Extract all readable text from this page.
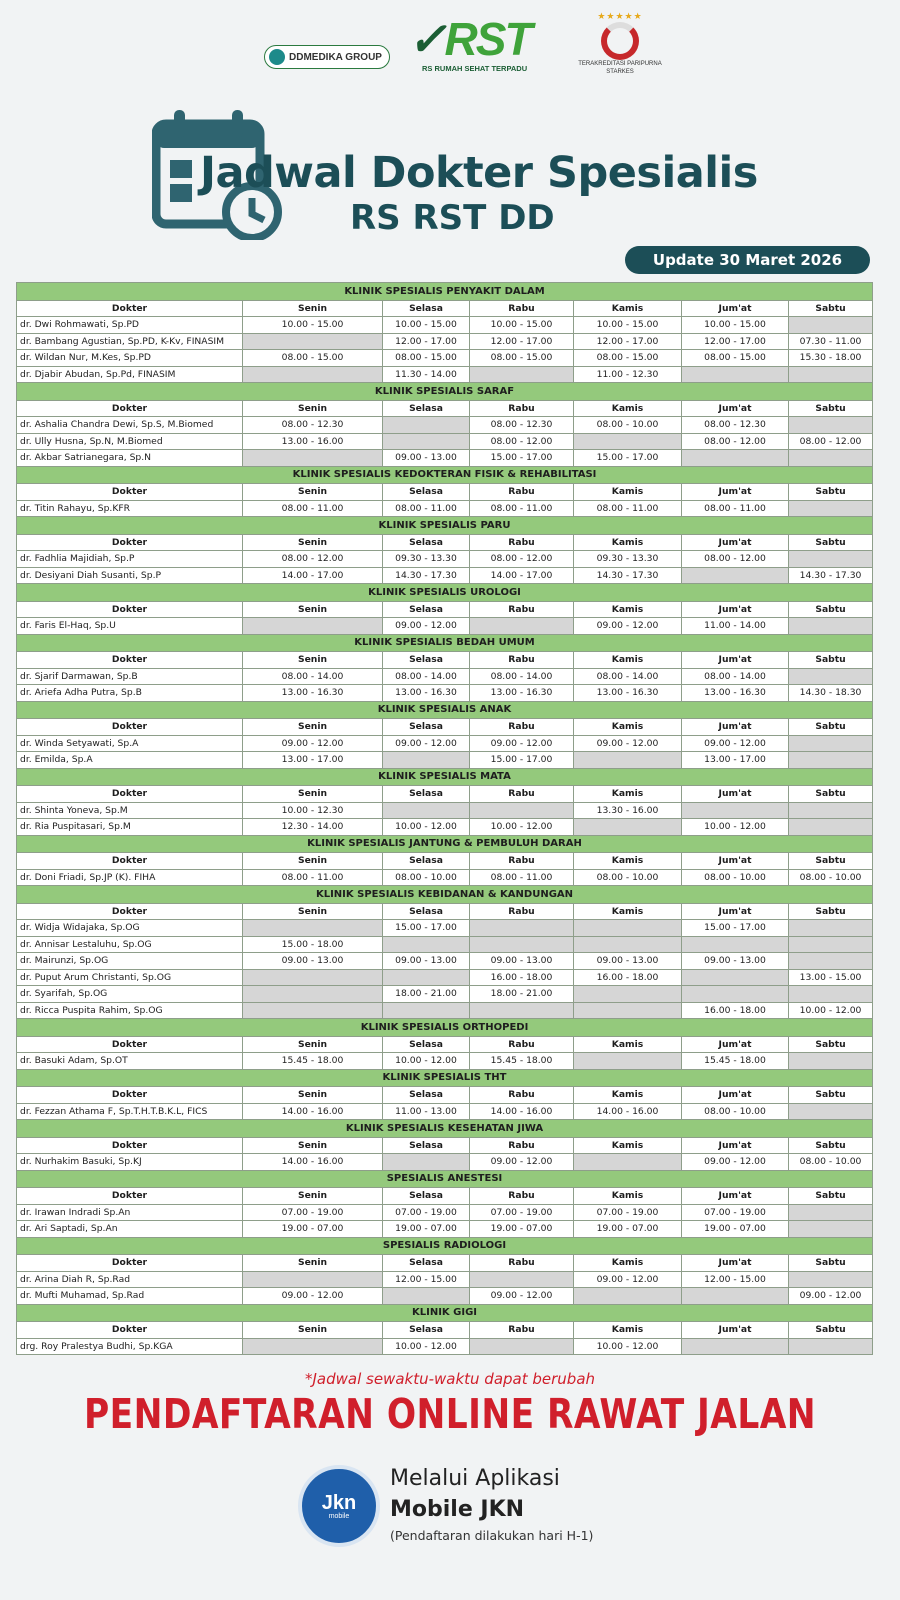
DDMEDIKA GROUP ✓RST
RS RUMAH SEHAT TERPADU
★★★★★
TERAKREDITASI PARIPURNA
STARKES
Jadwal Dokter Spesialis
RS RST DD
Update 30 Maret 2026
KLINIK SPESIALIS PENYAKIT DALAM						
Dokter	Senin	Selasa	Rabu	Kamis	Jum'at	Sabtu
dr. Dwi Rohmawati, Sp.PD	10.00 - 15.00	10.00 - 15.00	10.00 - 15.00	10.00 - 15.00	10.00 - 15.00	
dr. Bambang Agustian, Sp.PD, K-Kv, FINASIM		12.00 - 17.00	12.00 - 17.00	12.00 - 17.00	12.00 - 17.00	07.30 - 11.00
dr. Wildan Nur, M.Kes, Sp.PD	08.00 - 15.00	08.00 - 15.00	08.00 - 15.00	08.00 - 15.00	08.00 - 15.00	15.30 - 18.00
dr. Djabir Abudan, Sp.Pd, FINASIM		11.30 - 14.00		11.00 - 12.30		
KLINIK SPESIALIS SARAF						
Dokter	Senin	Selasa	Rabu	Kamis	Jum'at	Sabtu
dr. Ashalia Chandra Dewi, Sp.S, M.Biomed	08.00 - 12.30		08.00 - 12.30	08.00 - 10.00	08.00 - 12.30	
dr. Ully Husna, Sp.N, M.Biomed	13.00 - 16.00		08.00 - 12.00		08.00 - 12.00	08.00 - 12.00
dr. Akbar Satrianegara, Sp.N		09.00 - 13.00	15.00 - 17.00	15.00 - 17.00		
KLINIK SPESIALIS KEDOKTERAN FISIK & REHABILITASI						
Dokter	Senin	Selasa	Rabu	Kamis	Jum'at	Sabtu
dr. Titin Rahayu, Sp.KFR	08.00 - 11.00	08.00 - 11.00	08.00 - 11.00	08.00 - 11.00	08.00 - 11.00	
KLINIK SPESIALIS PARU						
Dokter	Senin	Selasa	Rabu	Kamis	Jum'at	Sabtu
dr. Fadhlia Majidiah, Sp.P	08.00 - 12.00	09.30 - 13.30	08.00 - 12.00	09.30 - 13.30	08.00 - 12.00	
dr. Desiyani Diah Susanti, Sp.P	14.00 - 17.00	14.30 - 17.30	14.00 - 17.00	14.30 - 17.30		14.30 - 17.30
KLINIK SPESIALIS UROLOGI						
Dokter	Senin	Selasa	Rabu	Kamis	Jum'at	Sabtu
dr. Faris El-Haq, Sp.U		09.00 - 12.00		09.00 - 12.00	11.00 - 14.00	
KLINIK SPESIALIS BEDAH UMUM						
Dokter	Senin	Selasa	Rabu	Kamis	Jum'at	Sabtu
dr. Sjarif Darmawan, Sp.B	08.00 - 14.00	08.00 - 14.00	08.00 - 14.00	08.00 - 14.00	08.00 - 14.00	
dr. Ariefa Adha Putra, Sp.B	13.00 - 16.30	13.00 - 16.30	13.00 - 16.30	13.00 - 16.30	13.00 - 16.30	14.30 - 18.30
KLINIK SPESIALIS ANAK						
Dokter	Senin	Selasa	Rabu	Kamis	Jum'at	Sabtu
dr. Winda Setyawati, Sp.A	09.00 - 12.00	09.00 - 12.00	09.00 - 12.00	09.00 - 12.00	09.00 - 12.00	
dr. Emilda, Sp.A	13.00 - 17.00		15.00 - 17.00		13.00 - 17.00	
KLINIK SPESIALIS MATA						
Dokter	Senin	Selasa	Rabu	Kamis	Jum'at	Sabtu
dr. Shinta Yoneva, Sp.M	10.00 - 12.30			13.30 - 16.00		
dr. Ria Puspitasari, Sp.M	12.30 - 14.00	10.00 - 12.00	10.00 - 12.00		10.00 - 12.00	
KLINIK SPESIALIS JANTUNG & PEMBULUH DARAH						
Dokter	Senin	Selasa	Rabu	Kamis	Jum'at	Sabtu
dr. Doni Friadi, Sp.JP (K). FIHA	08.00 - 11.00	08.00 - 10.00	08.00 - 11.00	08.00 - 10.00	08.00 - 10.00	08.00 - 10.00
KLINIK SPESIALIS KEBIDANAN & KANDUNGAN						
Dokter	Senin	Selasa	Rabu	Kamis	Jum'at	Sabtu
dr. Widja Widajaka, Sp.OG		15.00 - 17.00			15.00 - 17.00	
dr. Annisar Lestaluhu, Sp.OG	15.00 - 18.00					
dr. Mairunzi, Sp.OG	09.00 - 13.00	09.00 - 13.00	09.00 - 13.00	09.00 - 13.00	09.00 - 13.00	
dr. Puput Arum Christanti, Sp.OG			16.00 - 18.00	16.00 - 18.00		13.00 - 15.00
dr. Syarifah, Sp.OG		18.00 - 21.00	18.00 - 21.00			
dr. Ricca Puspita Rahim, Sp.OG					16.00 - 18.00	10.00 - 12.00
KLINIK SPESIALIS ORTHOPEDI						
Dokter	Senin	Selasa	Rabu	Kamis	Jum'at	Sabtu
dr. Basuki Adam, Sp.OT	15.45 - 18.00	10.00 - 12.00	15.45 - 18.00		15.45 - 18.00	
KLINIK SPESIALIS THT						
Dokter	Senin	Selasa	Rabu	Kamis	Jum'at	Sabtu
dr. Fezzan Athama F, Sp.T.H.T.B.K.L, FICS	14.00 - 16.00	11.00 - 13.00	14.00 - 16.00	14.00 - 16.00	08.00 - 10.00	
KLINIK SPESIALIS KESEHATAN JIWA						
Dokter	Senin	Selasa	Rabu	Kamis	Jum'at	Sabtu
dr. Nurhakim Basuki, Sp.KJ	14.00 - 16.00		09.00 - 12.00		09.00 - 12.00	08.00 - 10.00
SPESIALIS ANESTESI						
Dokter	Senin	Selasa	Rabu	Kamis	Jum'at	Sabtu
dr. Irawan Indradi Sp.An	07.00 - 19.00	07.00 - 19.00	07.00 - 19.00	07.00 - 19.00	07.00 - 19.00	
dr. Ari Saptadi, Sp.An	19.00 - 07.00	19.00 - 07.00	19.00 - 07.00	19.00 - 07.00	19.00 - 07.00	
SPESIALIS RADIOLOGI						
Dokter	Senin	Selasa	Rabu	Kamis	Jum'at	Sabtu
dr. Arina Diah R, Sp.Rad		12.00 - 15.00		09.00 - 12.00	12.00 - 15.00	
dr. Mufti Muhamad, Sp.Rad	09.00 - 12.00		09.00 - 12.00			09.00 - 12.00
KLINIK GIGI						
Dokter	Senin	Selasa	Rabu	Kamis	Jum'at	Sabtu
drg. Roy Pralestya Budhi, Sp.KGA		10.00 - 12.00		10.00 - 12.00		
*Jadwal sewaktu-waktu dapat berubah
PENDAFTARAN ONLINE RAWAT JALAN
Jkn
mobile
Melalui Aplikasi
Mobile JKN
(Pendaftaran dilakukan hari H-1)
